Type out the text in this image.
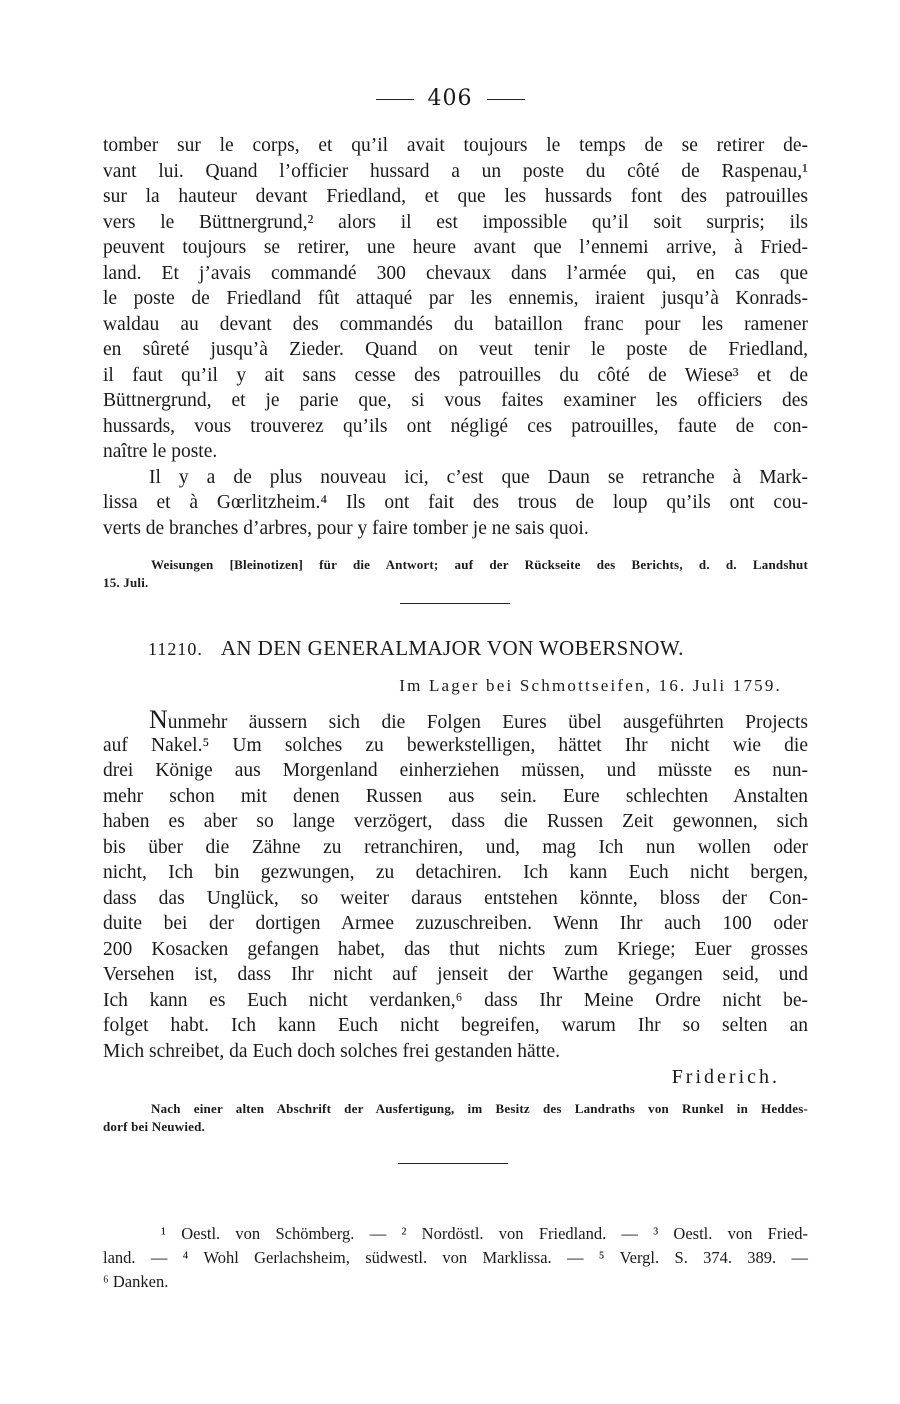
406
tomber sur le corps, et qu’il avait toujours le temps de se retirer de-
vant lui. Quand l’officier hussard a un poste du côté de Raspenau,¹
sur la hauteur devant Friedland, et que les hussards font des patrouilles
vers le Büttnergrund,² alors il est impossible qu’il soit surpris; ils
peuvent toujours se retirer, une heure avant que l’ennemi arrive, à Fried-
land. Et j’avais commandé 300 chevaux dans l’armée qui, en cas que
le poste de Friedland fût attaqué par les ennemis, iraient jusqu’à Konrads-
waldau au devant des commandés du bataillon franc pour les ramener
en sûreté jusqu’à Zieder. Quand on veut tenir le poste de Friedland,
il faut qu’il y ait sans cesse des patrouilles du côté de Wiese³ et de
Büttnergrund, et je parie que, si vous faites examiner les officiers des
hussards, vous trouverez qu’ils ont négligé ces patrouilles, faute de con-
naître le poste.
Il y a de plus nouveau ici, c’est que Daun se retranche à Mark-
lissa et à Gœrlitzheim.⁴ Ils ont fait des trous de loup qu’ils ont cou-
verts de branches d’arbres, pour y faire tomber je ne sais quoi.
Weisungen [Bleinotizen] für die Antwort; auf der Rückseite des Berichts, d. d. Landshut
15. Juli.
11210. AN DEN GENERALMAJOR VON WOBERSNOW.
Im Lager bei Schmottseifen, 16. Juli 1759.
Nunmehr äussern sich die Folgen Eures übel ausgeführten Projects
auf Nakel.⁵ Um solches zu bewerkstelligen, hättet Ihr nicht wie die
drei Könige aus Morgenland einherziehen müssen, und müsste es nun-
mehr schon mit denen Russen aus sein. Eure schlechten Anstalten
haben es aber so lange verzögert, dass die Russen Zeit gewonnen, sich
bis über die Zähne zu retranchiren, und, mag Ich nun wollen oder
nicht, Ich bin gezwungen, zu detachiren. Ich kann Euch nicht bergen,
dass das Unglück, so weiter daraus entstehen könnte, bloss der Con-
duite bei der dortigen Armee zuzuschreiben. Wenn Ihr auch 100 oder
200 Kosacken gefangen habet, das thut nichts zum Kriege; Euer grosses
Versehen ist, dass Ihr nicht auf jenseit der Warthe gegangen seid, und
Ich kann es Euch nicht verdanken,⁶ dass Ihr Meine Ordre nicht be-
folget habt. Ich kann Euch nicht begreifen, warum Ihr so selten an
Mich schreibet, da Euch doch solches frei gestanden hätte.
Friderich.
Nach einer alten Abschrift der Ausfertigung, im Besitz des Landraths von Runkel in Heddes-
dorf bei Neuwied.
¹ Oestl. von Schömberg. — ² Nordöstl. von Friedland. — ³ Oestl. von Fried-
land. — ⁴ Wohl Gerlachsheim, südwestl. von Marklissa. — ⁵ Vergl. S. 374. 389. —
⁶ Danken.
